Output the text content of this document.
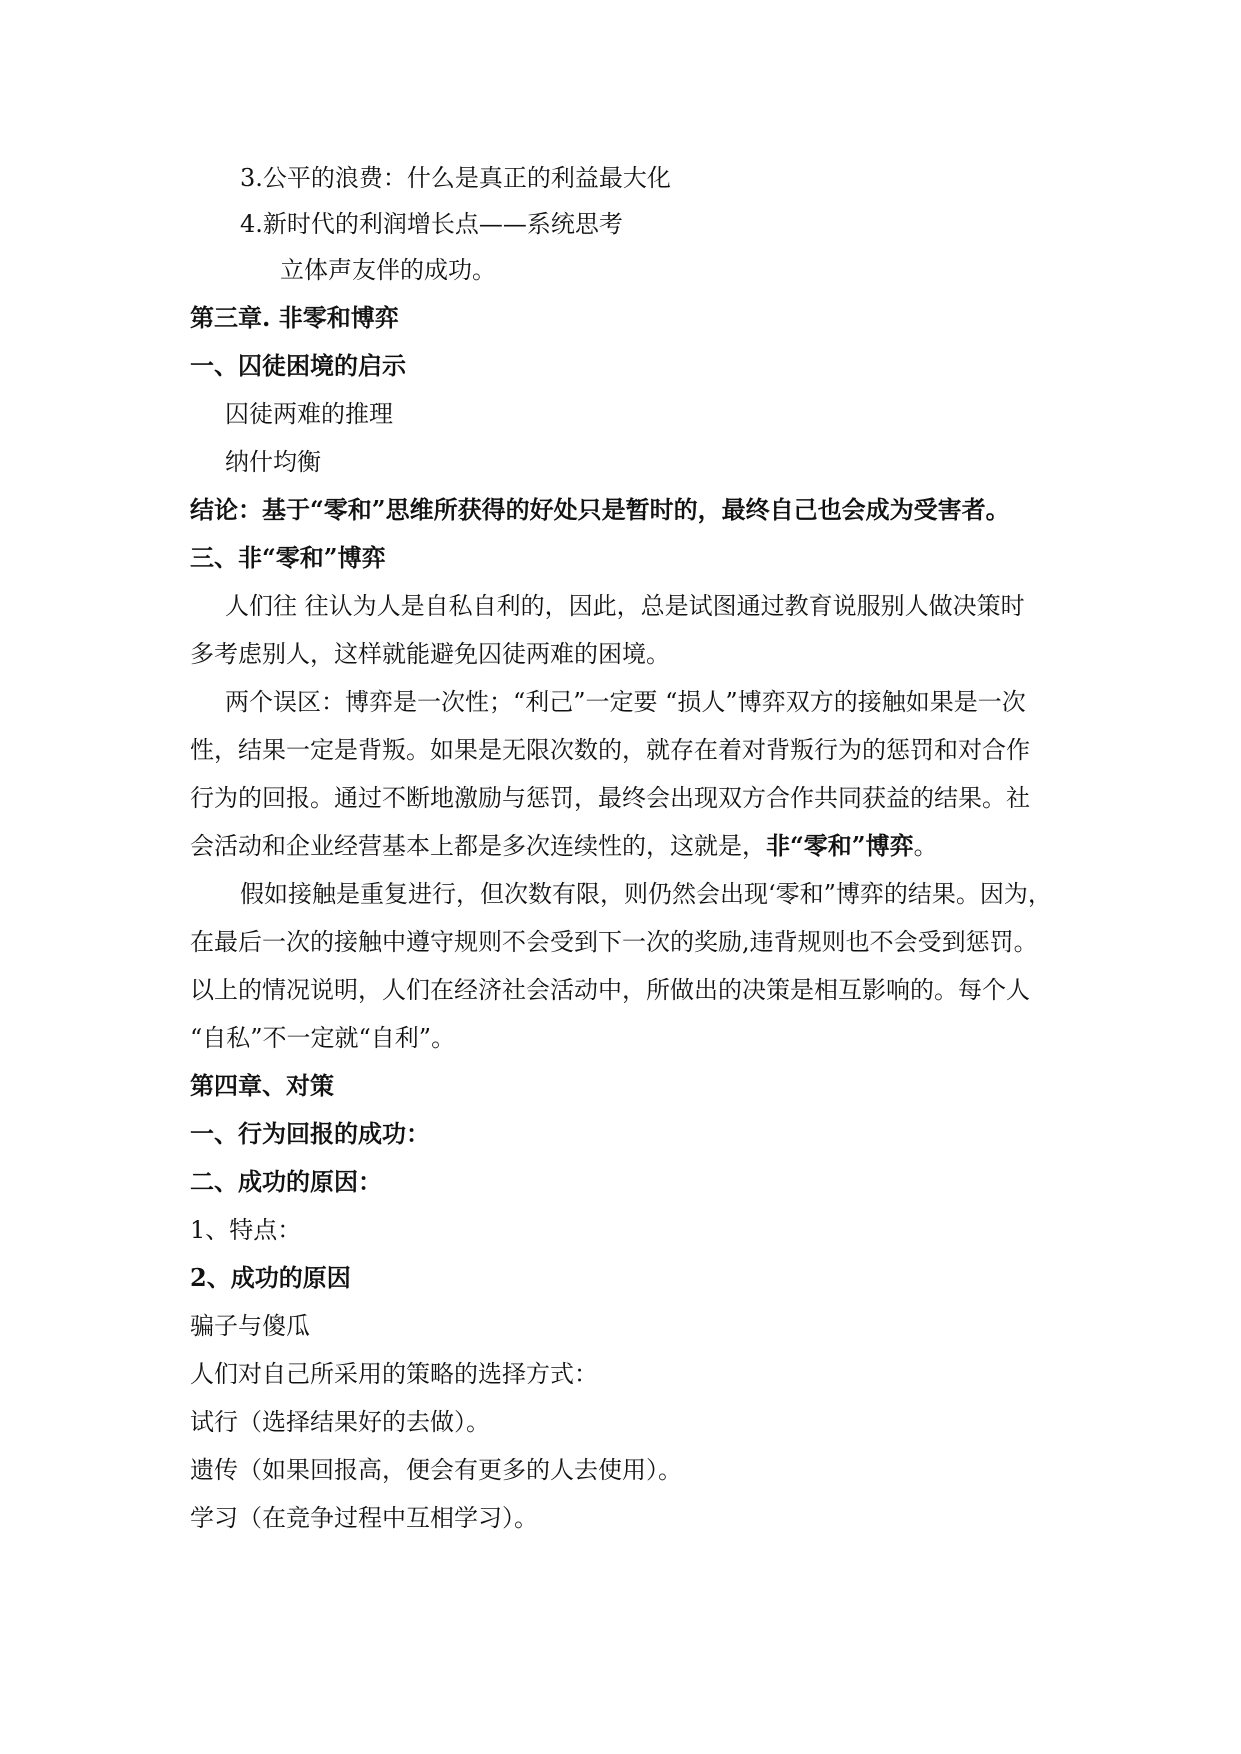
3.公平的浪费：什么是真正的利益最大化
4.新时代的利润增长点——系统思考
立体声友伴的成功。
第三章. 非零和博弈
一、囚徒困境的启示
囚徒两难的推理
纳什均衡
结论：基于“零和”思维所获得的好处只是暂时的，最终自己也会成为受害者。
三、非“零和”博弈
人们往 往认为人是自私自利的，因此，总是试图通过教育说服别人做决策时
多考虑别人，这样就能避免囚徒两难的困境。
两个误区：博弈是一次性；“利己”一定要 “损人”博弈双方的接触如果是一次
性，结果一定是背叛。如果是无限次数的，就存在着对背叛行为的惩罚和对合作
行为的回报。通过不断地激励与惩罚，最终会出现双方合作共同获益的结果。社
会活动和企业经营基本上都是多次连续性的，这就是，非“零和”博弈。
假如接触是重复进行，但次数有限，则仍然会出现‘零和”博弈的结果。因为，
在最后一次的接触中遵守规则不会受到下一次的奖励,违背规则也不会受到惩罚。
以上的情况说明，人们在经济社会活动中，所做出的决策是相互影响的。每个人
“自私”不一定就“自利”。
第四章、对策
一、行为回报的成功：
二、成功的原因：
1、特点：
2、成功的原因
骗子与傻瓜
人们对自己所采用的策略的选择方式：
试行（选择结果好的去做）。
遗传（如果回报高，便会有更多的人去使用）。
学习（在竞争过程中互相学习）。
